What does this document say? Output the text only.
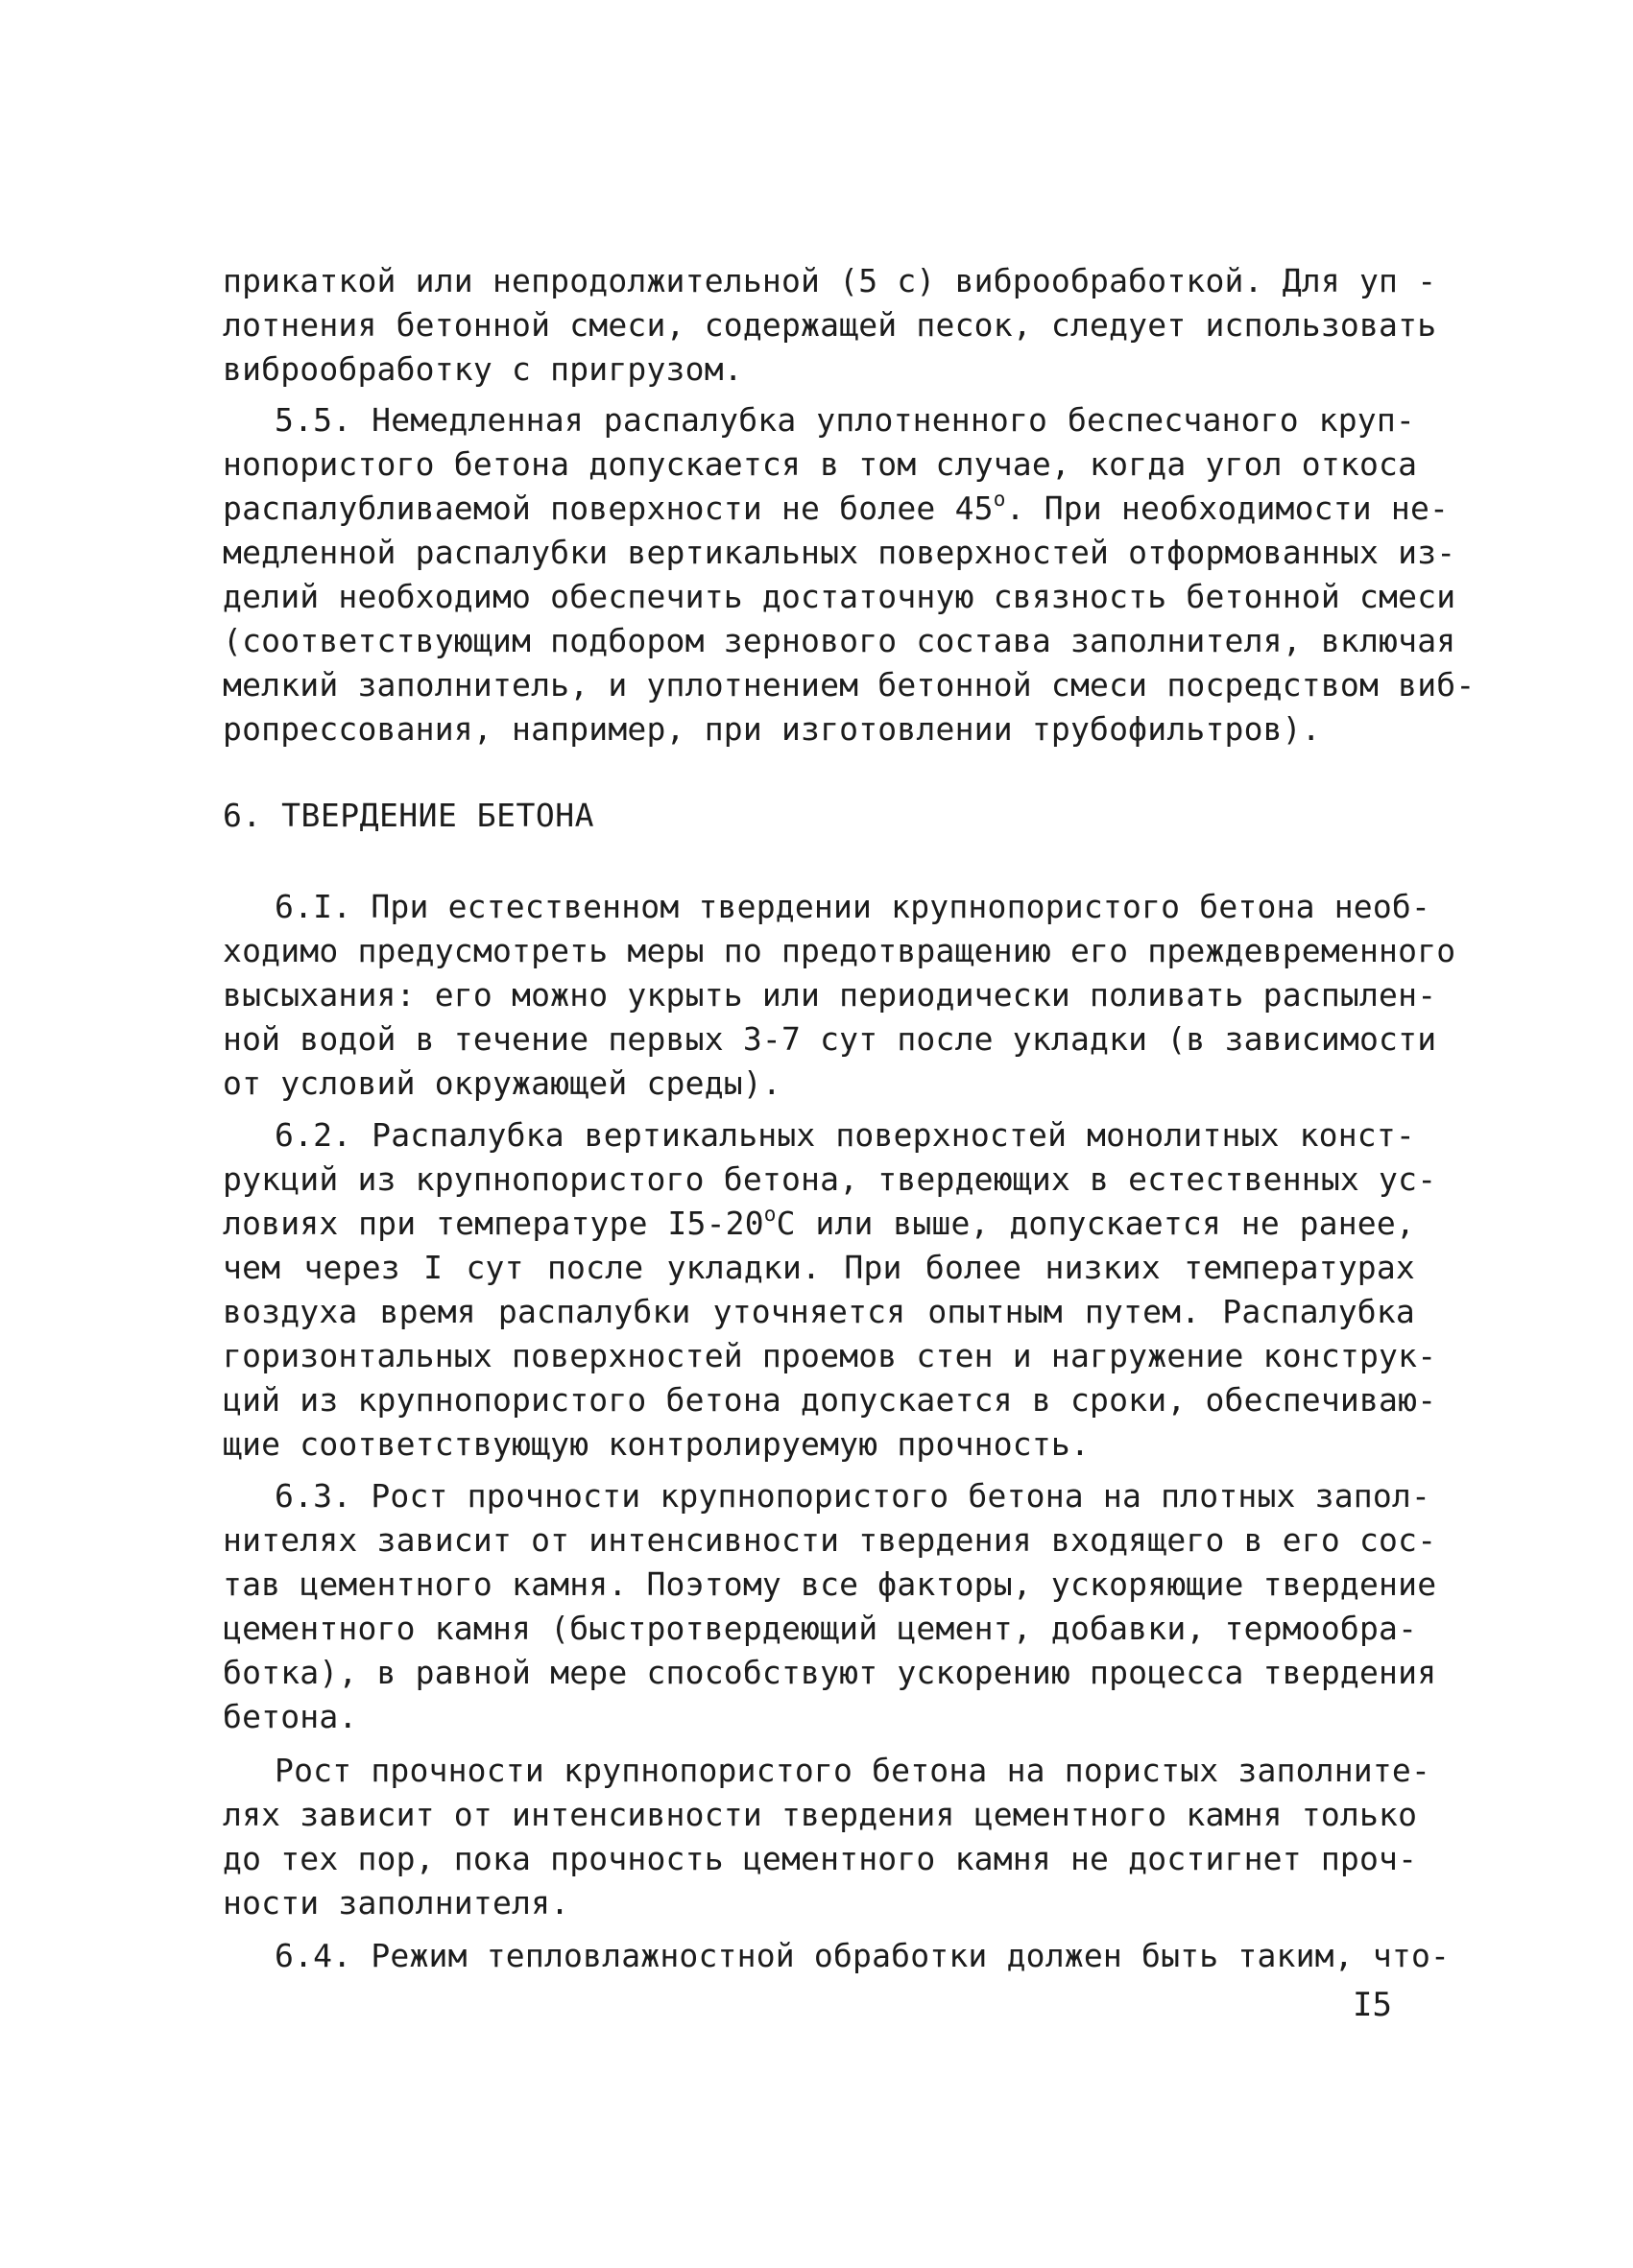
прикаткой или непродолжительной (5 с) виброобработкой. Для уп -
лотнения бетонной смеси, содержащей песок, следует использовать
виброобработку с пригрузом.
5.5. Немедленная распалубка уплотненного беспесчаного круп-
нопористого бетона допускается в том случае, когда угол откоса
распалубливаемой поверхности не более $45^о$. При необходимости не-
медленной распалубки вертикальных поверхностей отформованных из-
делий необходимо обеспечить достаточную связность бетонной смеси
(соответствующим подбором зернового состава заполнителя, включая
мелкий заполнитель, и уплотнением бетонной смеси посредством виб-
ропрессования, например, при изготовлении трубофильтров).
6. ТВЕРДЕНИЕ БЕТОНА
6.I. При естественном твердении крупнопористого бетона необ-
ходимо предусмотреть меры по предотвращению его преждевременного
высыхания: его можно укрыть или периодически поливать распылен-
ной водой в течение первых 3-7 сут после укладки (в зависимости
от условий окружающей среды).
6.2. Распалубка вертикальных поверхностей монолитных конст-
рукций из крупнопористого бетона, твердеющих в естественных ус-
ловиях при температуре $I5-20^оС$ или выше, допускается не ранее,
чем через I сут после укладки. При более низких температурах
воздуха время распалубки уточняется опытным путем. Распалубка
горизонтальных поверхностей проемов стен и нагружение конструк-
ций из крупнопористого бетона допускается в сроки, обеспечиваю-
щие соответствующую контролируемую прочность.
6.3. Рост прочности крупнопористого бетона на плотных запол-
нителях зависит от интенсивности твердения входящего в его сос-
тав цементного камня. Поэтому все факторы, ускоряющие твердение
цементного камня (быстротвердеющий цемент, добавки, термообра-
ботка), в равной мере способствуют ускорению процесса твердения
бетона.
Рост прочности крупнопористого бетона на пористых заполните-
лях зависит от интенсивности твердения цементного камня только
до тех пор, пока прочность цементного камня не достигнет проч-
ности заполнителя.
6.4. Режим тепловлажностной обработки должен быть таким, что-
I5
